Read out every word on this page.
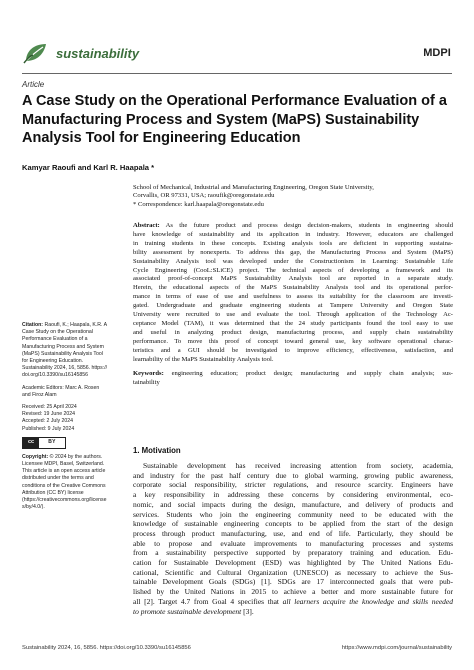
sustainability	MDPI
Article
A Case Study on the Operational Performance Evaluation of a
Manufacturing Process and System (MaPS) Sustainability
Analysis Tool for Engineering Education
Kamyar Raoufi and Karl R. Haapala *
School of Mechanical, Industrial and Manufacturing Engineering, Oregon State University,
Corvallis, OR 97331, USA; raoufik@oregonstate.edu
* Correspondence: karl.haapala@oregonstate.edu
Abstract: As the future product and process design decision-makers, students in engineering should
have knowledge of sustainability and its application in industry. However, educators are challenged
in training students in these concepts. Existing analysis tools are deficient in supporting sustaina-
bility assessment by nonexperts. To address this gap, the Manufacturing Process and System (MaPS)
Sustainability Analysis tool was developed under the Constructionism in Learning: Sustainable Life
Cycle Engineering (CooL:SLiCE) project. The technical aspects of developing a framework and its
associated proof-of-concept MaPS Sustainability Analysis tool are reported in a separate study.
Herein, the educational aspects of the MaPS Sustainability Analysis tool and its operational perfor-
mance in terms of ease of use and usefulness to assess its suitability for the classroom are investi-
gated. Undergraduate and graduate engineering students at Tampere University and Oregon State
University were recruited to use and evaluate the tool. Through application of the Technology Ac-
ceptance Model (TAM), it was determined that the 24 study participants found the tool easy to use
and useful in analyzing product design, manufacturing process, and supply chain sustainability
performance. To move this proof of concept toward general use, key software operational charac-
teristics and a GUI should be investigated to improve efficiency, effectiveness, satisfaction, and
learnability of the MaPS Sustainability Analysis tool.
Keywords: engineering education; product design; manufacturing and supply chain analysis; sus-
tainability
Citation: Raoufi, K.; Haapala, K.R. A
Case Study on the Operational
Performance Evaluation of a
Manufacturing Process and System
(MaPS) Sustainability Analysis Tool
for Engineering Education.
Sustainability 2024, 16, 5856. https://
doi.org/10.3390/su16145856
Academic Editors: Marc A. Rosen
and Firoz Alam
Received: 25 April 2024
Revised: 19 June 2024
Accepted: 2 July 2024
Published: 9 July 2024
cc	BY
Copyright: © 2024 by the authors.
Licensee MDPI, Basel, Switzerland.
This article is an open access article
distributed under the terms and
conditions of the Creative Commons
Attribution (CC BY) license
(https://creativecommons.org/license
s/by/4.0/).
1. Motivation
Sustainable development has received increasing attention from society, academia,
and industry for the past half century due to global warming, growing public awareness,
corporate social responsibility, stricter regulations, and resource scarcity. Engineers have
a key responsibility in addressing these concerns by considering environmental, eco-
nomic, and social impacts during the design, manufacture, and delivery of products and
services. Students who join the engineering community need to be educated with the
knowledge of sustainable engineering concepts to be applied from the start of the design
process through product manufacturing, use, and end of life. Particularly, they should be
able to propose and evaluate improvements to manufacturing processes and systems
from a sustainability perspective supported by preparatory training and education. Edu-
cation for Sustainable Development (ESD) was highlighted by The United Nations Edu-
cational, Scientific and Cultural Organization (UNESCO) as necessary to achieve the Sus-
tainable Development Goals (SDGs) [1]. SDGs are 17 interconnected goals that were pub-
lished by the United Nations in 2015 to achieve a better and more sustainable future for
all [2]. Target 4.7 from Goal 4 specifies that all learners acquire the knowledge and skills needed
to promote sustainable development [3].
Sustainability 2024, 16, 5856. https://doi.org/10.3390/su16145856	https://www.mdpi.com/journal/sustainability
